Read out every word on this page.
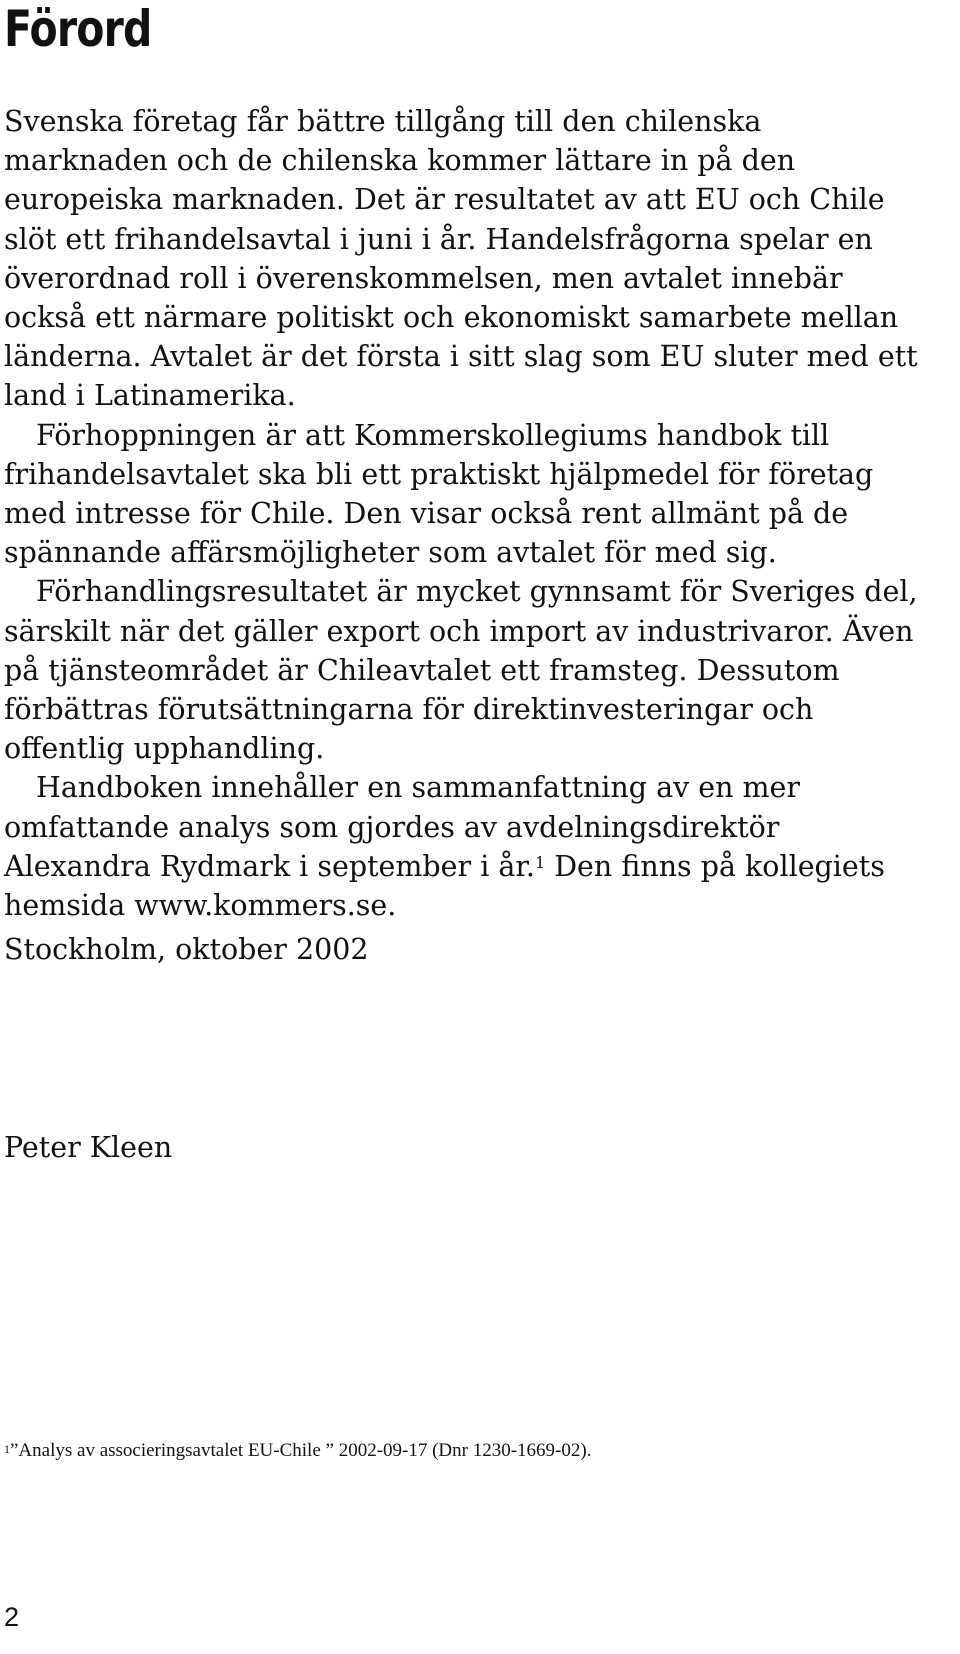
Förord

Svenska företag får bättre tillgång till den chilenska marknaden och de chilenska kommer lättare in på den europeiska marknaden. Det är resultatet av att EU och Chile slöt ett frihandelsavtal i juni i år. Handelsfrågorna spelar en överordnad roll i överenskommelsen, men avtalet innebär också ett närmare politiskt och ekonomiskt samarbete mellan länderna. Avtalet är det första i sitt slag som EU sluter med ett land i Latinamerika.

Förhoppningen är att Kommerskollegiums handbok till frihandelsavtalet ska bli ett praktiskt hjälpmedel för företag med intresse för Chile. Den visar också rent allmänt på de spännande affärsmöjligheter som avtalet för med sig.

Förhandlingsresultatet är mycket gynnsamt för Sveriges del, särskilt när det gäller export och import av industrivaror. Även på tjänsteområdet är Chileavtalet ett framsteg. Dessutom förbättras förutsättningarna för direktinvesteringar och offentlig upphandling.

Handboken innehåller en sammanfattning av en mer omfattande analys som gjordes av avdelningsdirektör Alexandra Rydmark i september i år.$^1$ Den finns på kollegiets hemsida www.kommers.se.

Stockholm, oktober 2002

Peter Kleen

$^1$”Analys av associeringsavtalet EU-Chile ” 2002-09-17 (Dnr 1230-1669-02).

2
